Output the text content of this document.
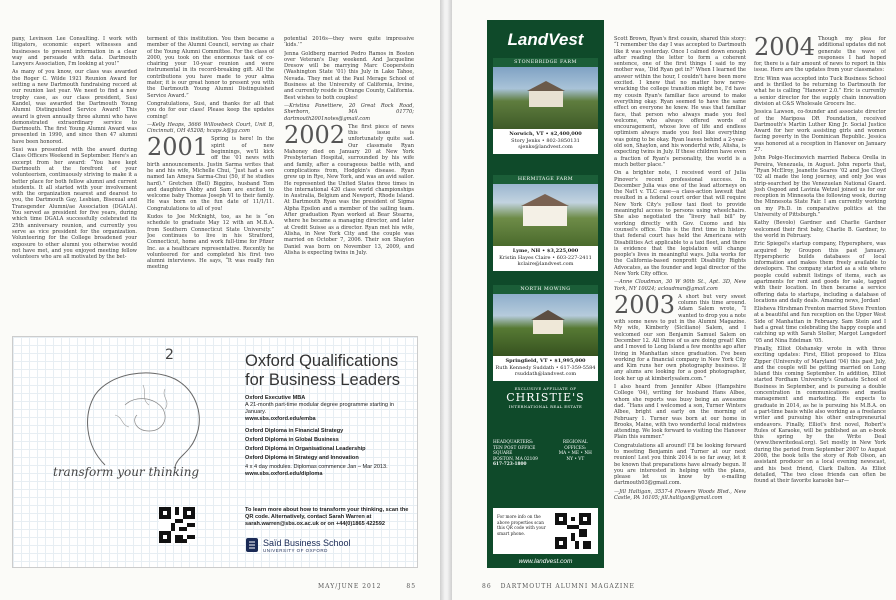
pany, Levinson Lee Consulting. I work with litigators, economic expert witnesses and businesses to present information in a clear way and persuade with data. Dartmouth Lawyers Association, I'm looking at you!”

As many of you know, our class was awarded the Roger C. Wilde 1921 Reunion Award for setting a new Dartmouth fundraising record at our reunion last year. We need to find a new trophy case, as our class president, Susi Kandel, was awarded the Dartmouth Young Alumni Distinguished Service Award! This award is given annually three alumni who have demonstrated extraordinary service to Dartmouth. The first Young Alumni Award was presented in 1990, and since then 47 alumni have been honored.

Susi was presented with the award during Class Officers Weekend in September. Here's an excerpt from her award: “You have kept Dartmouth at the forefront of your volunteerism, continuously striving to make it a better place for both fellow alumni and current students. It all started with your involvement with the organization nearest and dearest to you, the Dartmouth Gay, Lesbian, Bisexual and Transgender Alumni/ae Association (DGALA). You served as president for five years, during which time DGALA successfully celebrated its 25th anniversary reunion, and currently you serve as vice president for the organization. Volunteering for the College broadened your exposure to other alumni you otherwise would not have met, and you enjoyed meeting fellow volunteers who are all motivated by the bet-

terment of this institution. You then became a member of the Alumni Council, serving as chair of the Young Alumni Committee. For the class of 2000, you took on the enormous task of co-chairing your 10-year reunion and were instrumental in its record-breaking gift. All the contributions you have made to your alma mater, it is our great honor to present you with the Dartmouth Young Alumni Distinguished Service Award.”

Congratulations, Susi, and thanks for all that you do for our class! Please keep the updates coming!

—Kelly Heaps, 3666 Willowbeck Court, Unit B, Cincinnati, OH 45208; hcaps.k@yg.com

2001 Spring is here! In the spirit of new beginnings, we'll kick off the ’01 news with birth announcements. Justin Sarma writes that he and his wife, Michelle Chui, “just had a son named Ian Ameya Sarma-Chui (50, if he studies hard).” Gretchen (Bell) Biggins, husband Tom and daughters Abby and Sam are excited to welcome baby Thomas Joseph VI to their family. He was born on the fun date of 11/1/11. Congratulations to all of you!

Kudos to Joe McKnight, too, as he is “on schedule to graduate May 12 with an M.B.A. from Southern Connecticut State University.” Joe continues to live in his Stratford, Connecticut, home and work full-time for Pfizer Inc. as a healthcare representative. Recently he volunteered for and completed his first two alumni interviews. He says, “It was really fun meeting

potential 2016s—they were quite impressive ‘kids.’”

Jenna Goldberg married Pedro Ramos in Boston over Veteran's Day weekend. And Jacqueline Dresow will be marrying Marc Cooperstein (Washington State ’01) this July in Lake Tahoe, Nevada. They met at the Paul Merage School of Business at the University of California, Irvine, and currently reside in Orange County, California. Best wishes to both couples!

—Kristina Panettiere, 20 Great Rock Road, Sherborn, MA 01770; dartmouth2001notes@gmail.com

2002 The first piece of news this issue is unfortunately quite sad. Our classmate Ryan Mahoney died on January 20 at New York Presbyterian Hospital, surrounded by his wife and family, after a courageous battle with, and complications from, Hodgkin's disease. Ryan grew up in Rye, New York, and was an avid sailor. He represented the United States three times in the international 420 class world championships in Australia, Belgium and Newport, Rhode Island. At Dartmouth Ryan was the president of Sigma Alpha Epsilon and a member of the sailing team. After graduation Ryan worked at Bear Stearns, where he became a managing director, and later at Credit Suisse as a director. Ryan met his wife, Alisha, in New York City and the couple was married on October 7, 2006. Their son Shaylon Daniel was born on November 13, 2009, and Alisha is expecting twins in July.

2
transform your thinking
Oxford Qualifications
for Business Leaders
Oxford Executive MBA
A 21-month part-time modular degree programme starting in January.
www.sbs.oxford.edu/emba
Oxford Diploma in Financial Strategy
Oxford Diploma in Global Business
Oxford Diploma in Organisational Leadership
Oxford Diploma in Strategy and Innovation
4 x 4 day modules. Diplomas commence Jan – Mar 2013.
www.sbs.oxford.edu/diploma
To learn more about how to transform your thinking, scan the QR code. Alternatively, contact Sarah Warren at sarah.warren@sbs.ox.ac.uk or on +44(0)1865 422592
Saïd Business School
UNIVERSITY OF OXFORD
MAY/JUNE 2012	85	86 DARTMOUTH ALUMNI MAGAZINE
LandVest
STONEBRIDGE FARM
Norwich, VT • $2,400,000
Story Jenks • 802-3850131
sjenks@landvest.com
HERMITAGE FARM
Lyme, NH • $3,225,000
Kristin Hayes Claire • 603-227-2411
kclaire@landvest.com
NORTH MOWING
Springfield, VT • $1,995,000
Ruth Kennedy Suddath • 617-359-5584
rsuddath@landvest.com
EXCLUSIVE AFFILIATE OF
CHRISTIE'S
INTERNATIONAL REAL ESTATE
HEADQUARTERS:
TEN POST OFFICE SQUARE
BOSTON, MA 02109
617-723-1800
REGIONAL OFFICES:
MA • ME • NH
NY • VT
For more info on the above properties scan this QR code with your smart phone.
www.landvest.com

Scott Brown, Ryan's first cousin, shared this story: “I remember the day I was accepted to Dartmouth like it was yesterday. Once I calmed down enough after reading the letter to form a coherent sentence, one of the first things I said to my mother was, ‘Did Ryan get in?’ When I learned the answer within the hour, I couldn't have been more excited. I knew that no matter how nerve-wracking the college transition might be, I'd have my cousin Ryan's familiar face around to make everything okay. Ryan seemed to have the same effect on everyone he knew. He was that familiar face, that person who always made you feel welcome, who always offered words of encouragement, whose love of life and endless optimism always made you feel like everything was going to be okay. Ryan leaves behind a 2-year-old son, Shaylon, and his wonderful wife, Alisha, is expecting twins in July. If these children have even a fraction of Ryan's personality, the world is a much better place.”

On a brighter note, I received word of Julia Pinover's recent professional success. In December Julia was one of the lead attorneys on the Nat'l v. TLC case—a class-action lawsuit that resulted in a federal court order that will require New York City's yellow taxi fleet to provide meaningful access to persons using wheelchairs. She also negotiated the “livery hail bill” by working directly with Gov. Cuomo and his counsel's office. This is the first time in history that federal court has held the Americans with Disabilities Act applicable to a taxi fleet, and there is evidence that the legislation will change people's lives in meaningful ways. Julia works for the California-based nonprofit Disability Rights Advocates, as the founder and legal director of the New York City office.

—Anne Cloudman, 30 W 90th St., Apt. 3D, New York, NY 10024; acloudman@gmail.com

2003 A short but very sweet column this time around. Adam Salem wrote, “I wanted to drop you a note with some news to put in the Alumni Magazine. My wife, Kimberly (Siciliano) Salem, and I welcomed our son Benjamin Samuel Salem on December 12. All three of us are doing great! Kim and I moved to Long Island a few months ago after living in Manhattan since graduation. I've been working for a financial company in New York City and Kim runs her own photography business. If any alums are looking for a good photographer, look her up at kimberlysalem.com.”

I also heard from Jennifer Albee (Hampshire College ’04), writing for husband Hans Albee, whom she reports was busy being an awesome dad. “Hans and I welcomed a son, Turner Winters Albee, bright and early on the morning of February 1. Turner was born at our home in Brooks, Maine, with two wonderful local midwives attending. We look forward to visiting the Hanover Plain this summer.”

Congratulations all around! I'll be looking forward to meeting Benjamin and Turner at our next reunion! Lest you think 2014 is so far away, let it be known that preparations have already begun. If you are interested in helping with the plans, please let us know by e-mailing dartmouth03@gmail.com.

—Jill Haltigan, 3537-4 Flowers Woods Blvd., New Castle, PA 16105; jill.haltigan@gmail.com

2004 Though my plea for additional updates did not generate the wave of responses I had hoped for, there is a fair amount of news to report in this issue. Here are the updates from your classmates:

Eric Winn was accepted into Tuck Business School and is thrilled to be returning to Dartmouth for what he is calling “Hanover 2.0.” Eric is currently a senior director for the supply chain innovation division at C&S Wholesale Grocers Inc.

Jessica Lawson, co-founder and associate director of the Mariposa DR Foundation, received Dartmouth's Martin Luther King Jr. Social Justice Award for her work assisting girls and women facing poverty in the Dominican Republic. Jessica was honored at a reception in Hanover on January 27.

John Polge-Hecimovich married Rebeca Orella in Pereira, Venezuela, in August. John reports that, “Ryan McElroy, Jeanette Soares ’02 and Joe Cloyd ’02 all made the long journey, and only Joe was strip-searched by the Venezuelan National Guard. Josh Osgood and Lavinia Wetzel joined us for our reception in Minnesota the following week, during the Minnesota State Fair. I am currently working on my Ph.D. in comparative politics at the University of Pittsburgh.”

Kathy (Bevolo) Gardner and Charlie Gardner welcomed their first baby, Charlie B. Gardner, to the world in February.

Eric Spiegel's startup company, Hypersphere, was acquired by Groupon this past January. Hyperspheric builds databases of local information and makes them freely available to developers. The company started as a site where people could submit listings of items, such as apartments for rent and goods for sale, tagged with their location. In then became a service offering data to startups, including a database of locations and daily deals. Amazing news, Jordan!

Elisheva Hirshman Frenton married Steve Frenton at a beautiful and fun reception on the Upper West Side of Manhattan in February. Sam Stein and I had a great time celebrating the happy couple and catching up with Sarah Stoller, Margot Langsdorf ’05 and Nina Edelman ’05.

Finally, Elliot Olshansky wrote in with three exciting updates: First, Elliot proposed to Eliza Zipper (University of Maryland ’04) this past July, and the couple will be getting married on Long Island this coming September. In addition, Elliot started Fordham University's Graduate School of Business in September, and is pursuing a double concentration in communications and media management and marketing. He expects to graduate in 2014, as he is pursuing his M.B.A. on a part-time basis while also working as a freelance writer and pursuing his other entrepreneurial endeavors. Finally, Elliot's first novel, Robert's Rules of Karaoke, will be published as an e-book this spring by the Write Deal (www.thewritedeal.org). Set mostly in New York during the period from September 2007 to August 2008, the book tells the story of Rob Olson, an assistant producer on a local evening newscast, and his best friend, Clark Dalton. As Elliot detailed, “The two close friends can often be found at their favorite karaoke bar—
